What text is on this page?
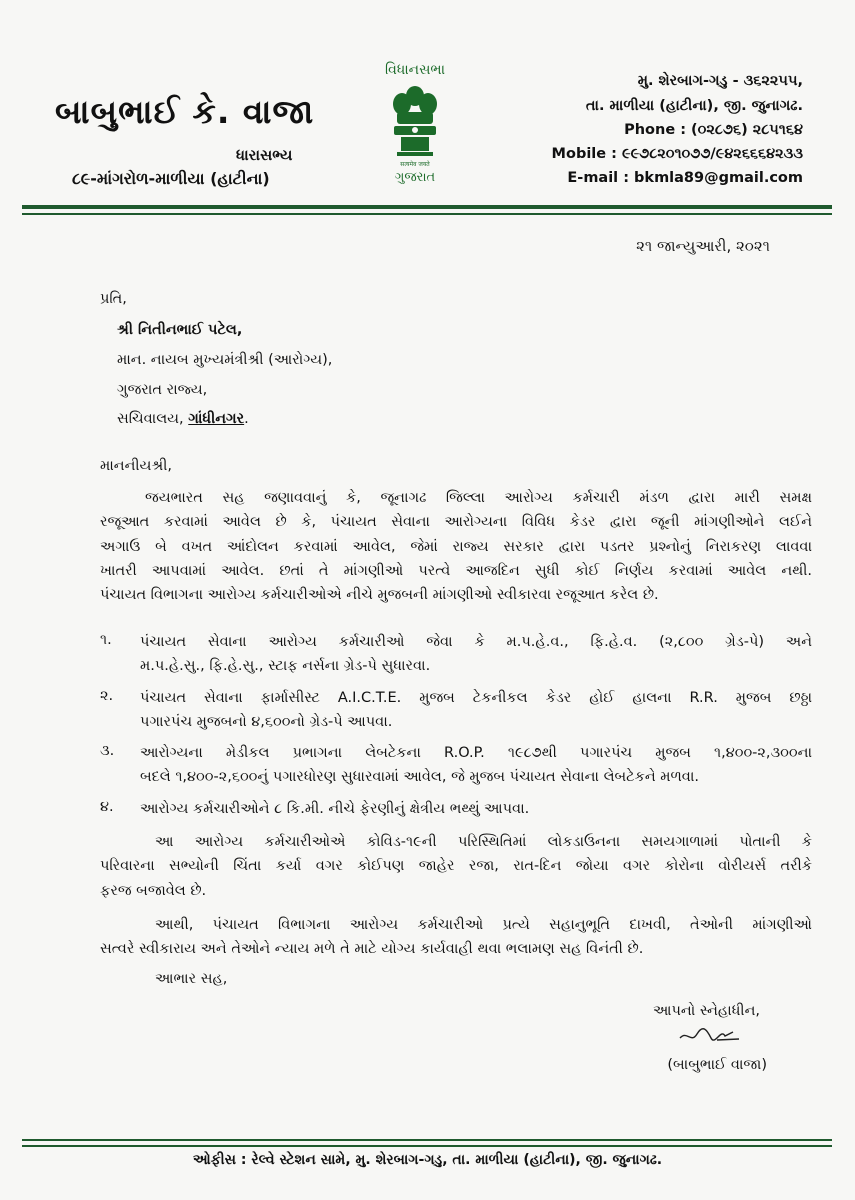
બાબુભાઈ કે. વાજા
ધારાસભ્ય
૮૯-માંગરોળ-માળીયા (હાટીના)
વિધાનસભા
सत्यमेव जयते
ગુજરાત
મુ. શેરબાગ-ગડુ - ૩૬૨૨૫૫,
તા. માળીયા (હાટીના), જી. જુનાગઢ.
Phone : (૦૨૮૭૬) ૨૮૫૧૬૪
Mobile : ૯૯૭૮૨૦૧૦૭૭/૯૪૨૬૬૬૪૨૩૩
E-mail : bkmla89@gmail.com
૨૧ જાન્યુઆરી, ૨૦૨૧
પ્રતિ,
શ્રી નિતીનભાઈ પટેલ,
માન. નાયબ મુખ્યમંત્રીશ્રી (આરોગ્ય),
ગુજરાત રાજ્ય,
સચિવાલય, ગાંધીનગર.
માનનીયશ્રી,
જયભારત સહ જણાવવાનું કે, જૂનાગઢ જિલ્લા આરોગ્ય કર્મચારી મંડળ દ્વારા મારી સમક્ષ
રજૂઆત કરવામાં આવેલ છે કે, પંચાયત સેવાના આરોગ્યના વિવિધ કેડર દ્વારા જૂની માંગણીઓને લઈને
અગાઉ બે વખત આંદોલન કરવામાં આવેલ, જેમાં રાજ્ય સરકાર દ્વારા પડતર પ્રશ્નોનું નિરાકરણ લાવવા
ખાતરી આપવામાં આવેલ. છતાં તે માંગણીઓ પરત્વે આજદિન સુધી કોઈ નિર્ણય કરવામાં આવેલ નથી.
પંચાયત વિભાગના આરોગ્ય કર્મચારીઓએ નીચે મુજબની માંગણીઓ સ્વીકારવા રજૂઆત કરેલ છે.
૧. પંચાયત સેવાના આરોગ્ય કર્મચારીઓ જેવા કે મ.પ.હે.વ., ફિ.હે.વ. (૨,૮૦૦ ગ્રેડ-પે) અને
મ.પ.હે.સુ., ફિ.હે.સુ., સ્ટાફ નર્સના ગ્રેડ-પે સુધારવા.
૨. પંચાયત સેવાના ફાર્માસીસ્ટ A.I.C.T.E. મુજબ ટેકનીકલ કેડર હોઈ હાલના R.R. મુજબ છઠ્ઠા
પગારપંચ મુજબનો ૪,૬૦૦નો ગ્રેડ-પે આપવા.
૩. આરોગ્યના મેડીકલ પ્રભાગના લેબટેકના R.O.P. ૧૯૮૭થી પગારપંચ મુજબ ૧,૪૦૦-૨,૩૦૦ના
બદલે ૧,૪૦૦-૨,૬૦૦નું પગારધોરણ સુધારવામાં આવેલ, જે મુજબ પંચાયત સેવાના લેબટેકને મળવા.
૪. આરોગ્ય કર્મચારીઓને ૮ કિ.મી. નીચે ફેરણીનું ક્ષેત્રીય ભથ્થું આપવા.
આ આરોગ્ય કર્મચારીઓએ કોવિડ-૧૯ની પરિસ્થિતિમાં લોકડાઉનના સમયગાળામાં પોતાની કે
પરિવારના સભ્યોની ચિંતા કર્યા વગર કોઈપણ જાહેર રજા, રાત-દિન જોયા વગર કોરોના વોરીયર્સ તરીકે
ફરજ બજાવેલ છે.
આથી, પંચાયત વિભાગના આરોગ્ય કર્મચારીઓ પ્રત્યે સહાનુભૂતિ દાખવી, તેઓની માંગણીઓ
સત્વરે સ્વીકારાય અને તેઓને ન્યાય મળે તે માટે યોગ્ય કાર્યવાહી થવા ભલામણ સહ વિનંતી છે.
આભાર સહ,
આપનો સ્નેહાધીન,
(બાબુભાઈ વાજા)
ઓફીસ : રેલ્વે સ્ટેશન સામે, મુ. શેરબાગ-ગડુ, તા. માળીયા (હાટીના), જી. જુનાગઢ.
